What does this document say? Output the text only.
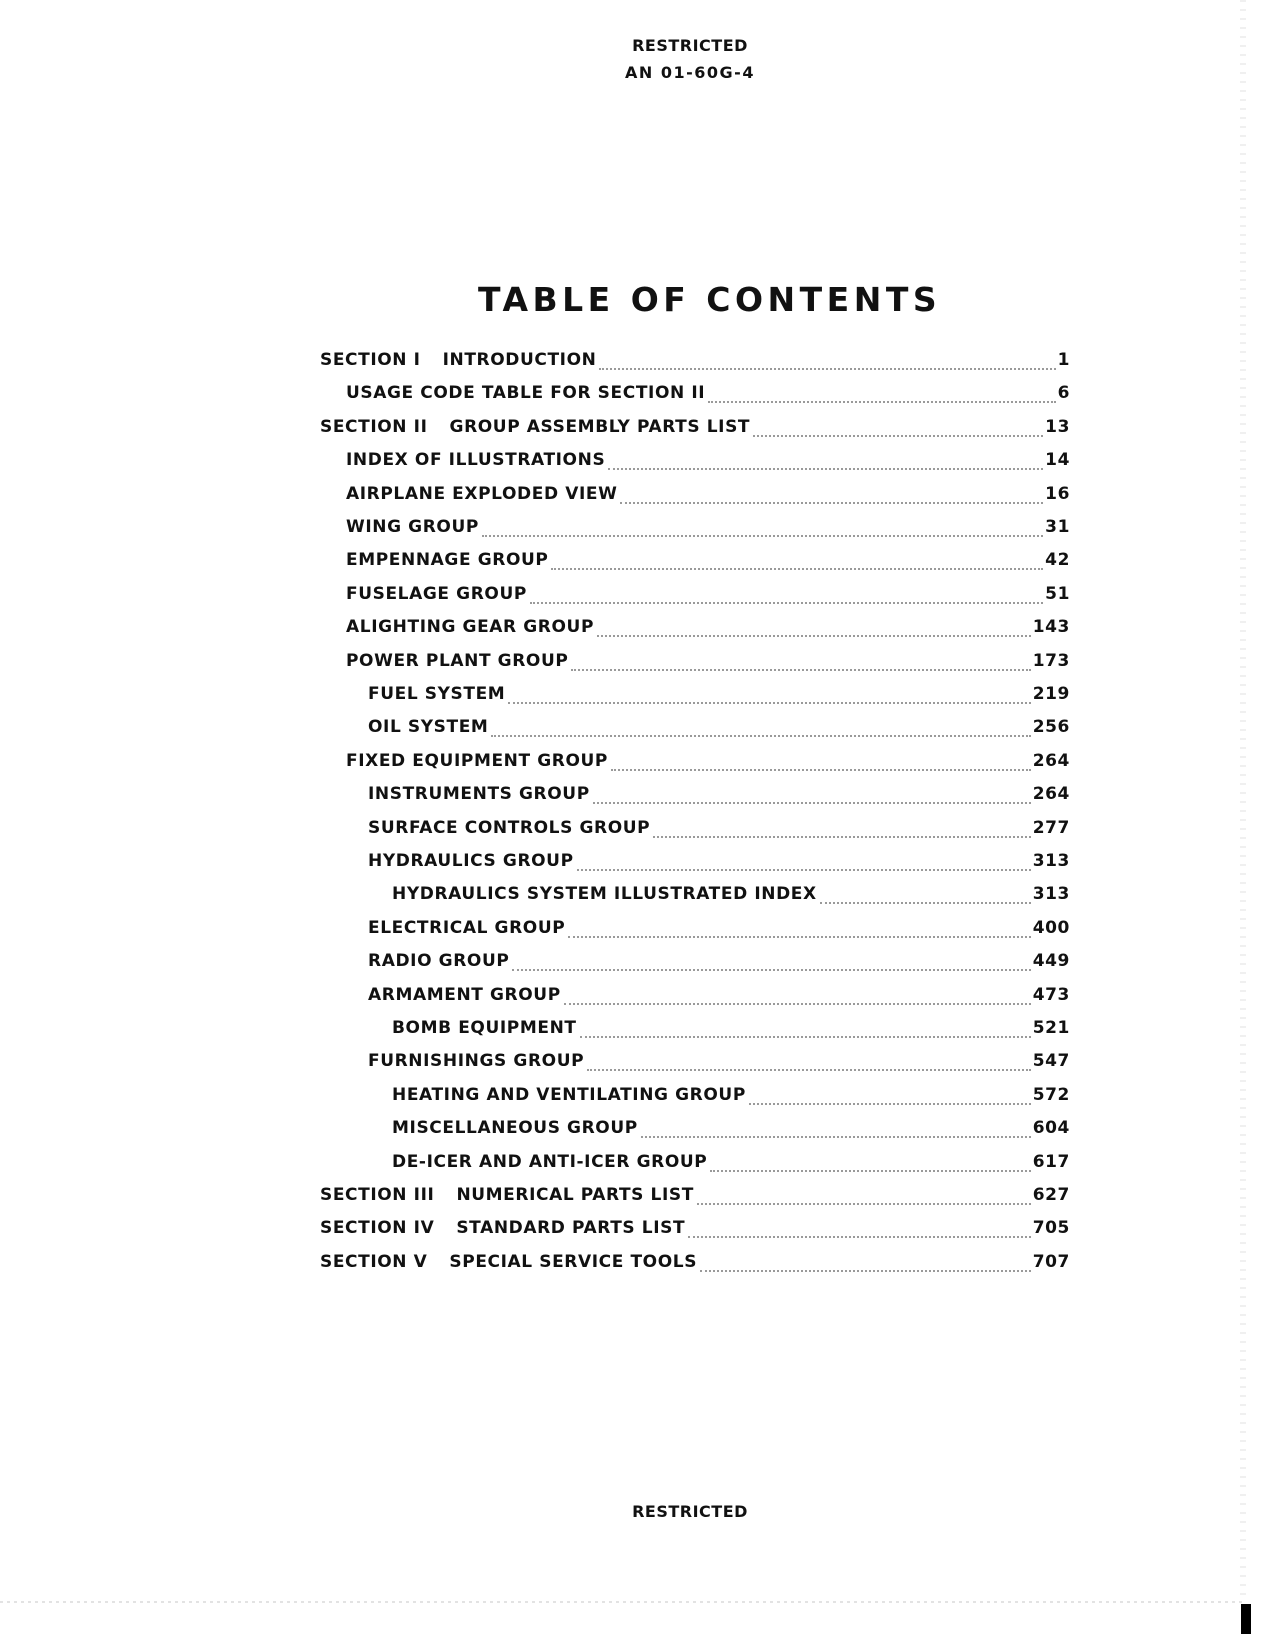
RESTRICTED
AN 01-60G-4
TABLE OF CONTENTS
SECTION I INTRODUCTION	1
USAGE CODE TABLE FOR SECTION II	6
SECTION II GROUP ASSEMBLY PARTS LIST	13
INDEX OF ILLUSTRATIONS	14
AIRPLANE EXPLODED VIEW	16
WING GROUP	31
EMPENNAGE GROUP	42
FUSELAGE GROUP	51
ALIGHTING GEAR GROUP	143
POWER PLANT GROUP	173
FUEL SYSTEM	219
OIL SYSTEM	256
FIXED EQUIPMENT GROUP	264
INSTRUMENTS GROUP	264
SURFACE CONTROLS GROUP	277
HYDRAULICS GROUP	313
HYDRAULICS SYSTEM ILLUSTRATED INDEX	313
ELECTRICAL GROUP	400
RADIO GROUP	449
ARMAMENT GROUP	473
BOMB EQUIPMENT	521
FURNISHINGS GROUP	547
HEATING AND VENTILATING GROUP	572
MISCELLANEOUS GROUP	604
DE-ICER AND ANTI-ICER GROUP	617
SECTION III NUMERICAL PARTS LIST	627
SECTION IV STANDARD PARTS LIST	705
SECTION V SPECIAL SERVICE TOOLS	707
RESTRICTED
